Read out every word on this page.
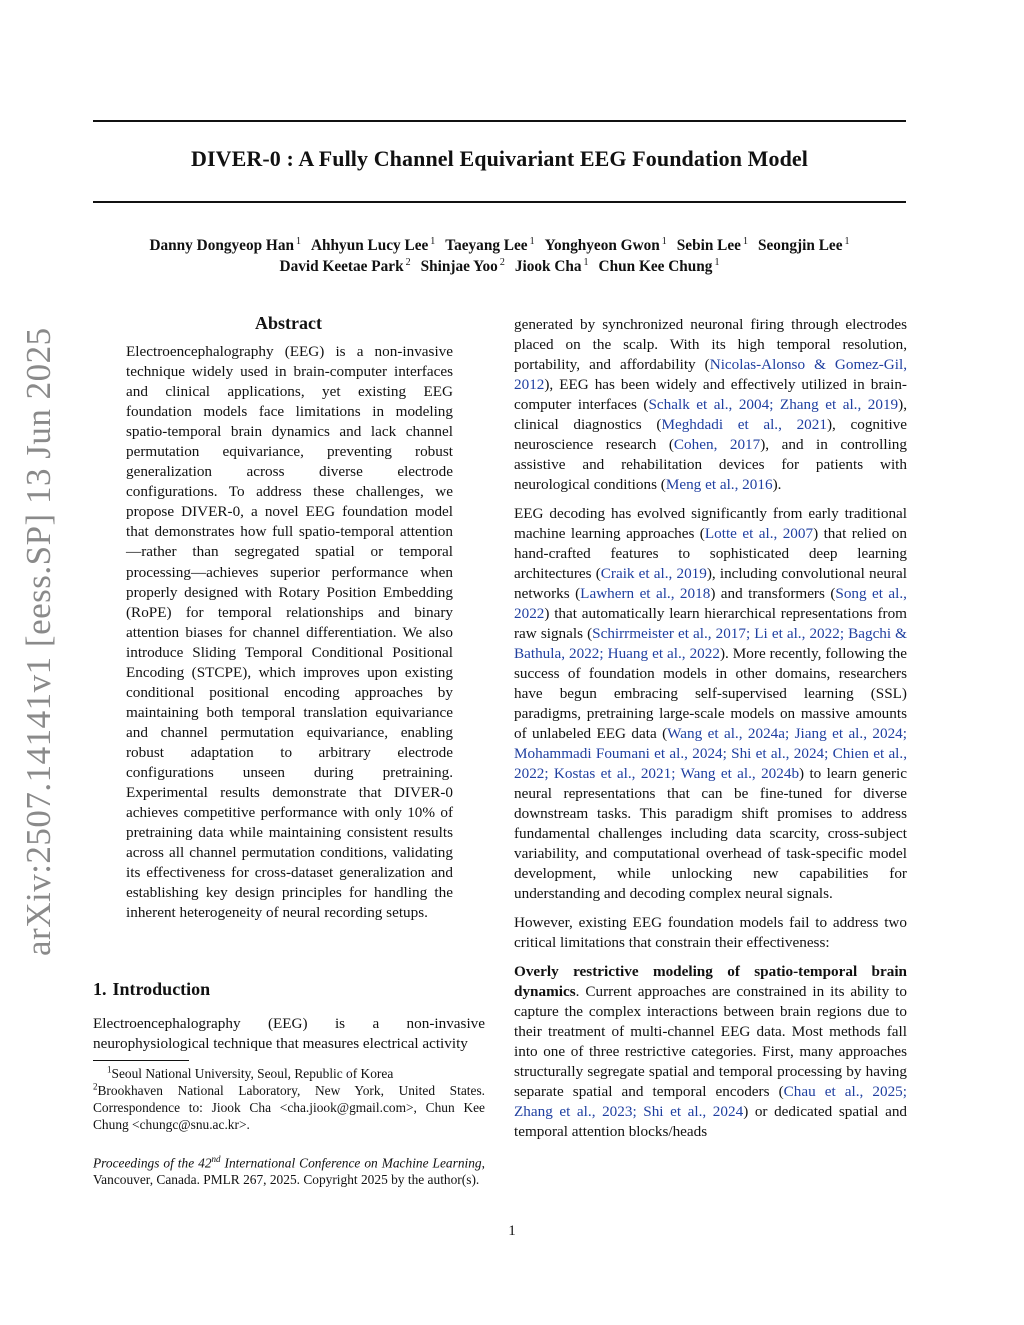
arXiv:2507.14141v1 [eess.SP] 13 Jun 2025
DIVER-0 : A Fully Channel Equivariant EEG Foundation Model
Danny Dongyeop Han $^1$ Ahhyun Lucy Lee $^1$ Taeyang Lee $^1$ Yonghyeon Gwon $^1$ Sebin Lee $^1$ Seongjin Lee $^1$
David Keetae Park $^2$ Shinjae Yoo $^2$ Jiook Cha $^1$ Chun Kee Chung $^1$
Abstract
Electroencephalography (EEG) is a non-invasive technique widely used in brain-computer interfaces and clinical applications, yet existing EEG foundation models face limitations in modeling spatio-temporal brain dynamics and lack channel permutation equivariance, preventing robust generalization across diverse electrode configurations. To address these challenges, we propose DIVER-0, a novel EEG foundation model that demonstrates how full spatio-temporal attention—rather than segregated spatial or temporal processing—achieves superior performance when properly designed with Rotary Position Embedding (RoPE) for temporal relationships and binary attention biases for channel differentiation. We also introduce Sliding Temporal Conditional Positional Encoding (STCPE), which improves upon existing conditional positional encoding approaches by maintaining both temporal translation equivariance and channel permutation equivariance, enabling robust adaptation to arbitrary electrode configurations unseen during pretraining. Experimental results demonstrate that DIVER-0 achieves competitive performance with only 10% of pretraining data while maintaining consistent results across all channel permutation conditions, validating its effectiveness for cross-dataset generalization and establishing key design principles for handling the inherent heterogeneity of neural recording setups.
1. Introduction
Electroencephalography (EEG) is a non-invasive neurophysiological technique that measures electrical activity
$^1$Seoul National University, Seoul, Republic of Korea
$^2$Brookhaven National Laboratory, New York, United States. Correspondence to: Jiook Cha <cha.jiook@gmail.com>, Chun Kee Chung <chungc@snu.ac.kr>.
Proceedings of the 42nd International Conference on Machine Learning, Vancouver, Canada. PMLR 267, 2025. Copyright 2025 by the author(s).

generated by synchronized neuronal firing through electrodes placed on the scalp. With its high temporal resolution, portability, and affordability (Nicolas-Alonso & Gomez-Gil, 2012), EEG has been widely and effectively utilized in brain-computer interfaces (Schalk et al., 2004; Zhang et al., 2019), clinical diagnostics (Meghdadi et al., 2021), cognitive neuroscience research (Cohen, 2017), and in controlling assistive and rehabilitation devices for patients with neurological conditions (Meng et al., 2016).

EEG decoding has evolved significantly from early traditional machine learning approaches (Lotte et al., 2007) that relied on hand-crafted features to sophisticated deep learning architectures (Craik et al., 2019), including convolutional neural networks (Lawhern et al., 2018) and transformers (Song et al., 2022) that automatically learn hierarchical representations from raw signals (Schirrmeister et al., 2017; Li et al., 2022; Bagchi & Bathula, 2022; Huang et al., 2022). More recently, following the success of foundation models in other domains, researchers have begun embracing self-supervised learning (SSL) paradigms, pretraining large-scale models on massive amounts of unlabeled EEG data (Wang et al., 2024a; Jiang et al., 2024; Mohammadi Foumani et al., 2024; Shi et al., 2024; Chien et al., 2022; Kostas et al., 2021; Wang et al., 2024b) to learn generic neural representations that can be fine-tuned for diverse downstream tasks. This paradigm shift promises to address fundamental challenges including data scarcity, cross-subject variability, and computational overhead of task-specific model development, while unlocking new capabilities for understanding and decoding complex neural signals.

However, existing EEG foundation models fail to address two critical limitations that constrain their effectiveness:

Overly restrictive modeling of spatio-temporal brain dynamics. Current approaches are constrained in its ability to capture the complex interactions between brain regions due to their treatment of multi-channel EEG data. Most methods fall into one of three restrictive categories. First, many approaches structurally segregate spatial and temporal processing by having separate spatial and temporal encoders (Chau et al., 2025; Zhang et al., 2023; Shi et al., 2024) or dedicated spatial and temporal attention blocks/heads

1
